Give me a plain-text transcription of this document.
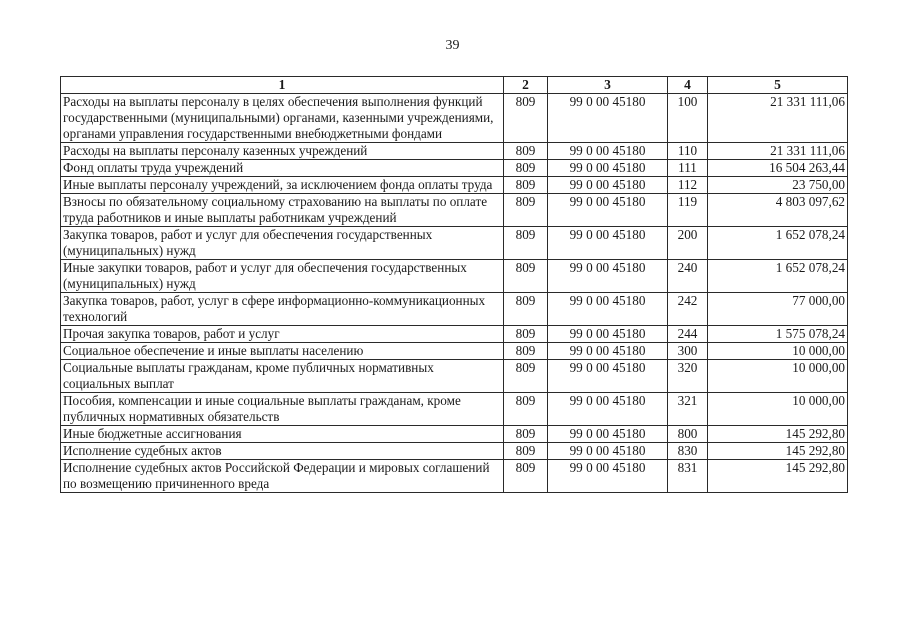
39
1	2	3	4	5
Расходы на выплаты персоналу в целях обеспечения выполнения функций государственными (муниципальными) органами, казенными учреждениями, органами управления государственными внебюджетными фондами	809	99 0 00 45180	100	21 331 111,06
Расходы на выплаты персоналу казенных учреждений	809	99 0 00 45180	110	21 331 111,06
Фонд оплаты труда учреждений	809	99 0 00 45180	111	16 504 263,44
Иные выплаты персоналу учреждений, за исключением фонда оплаты труда	809	99 0 00 45180	112	23 750,00
Взносы по обязательному социальному страхованию на выплаты по оплате труда работников и иные выплаты работникам учреждений	809	99 0 00 45180	119	4 803 097,62
Закупка товаров, работ и услуг для обеспечения государственных (муниципальных) нужд	809	99 0 00 45180	200	1 652 078,24
Иные закупки товаров, работ и услуг для обеспечения государственных (муниципальных) нужд	809	99 0 00 45180	240	1 652 078,24
Закупка товаров, работ, услуг в сфере информационно-коммуникационных технологий	809	99 0 00 45180	242	77 000,00
Прочая закупка товаров, работ и услуг	809	99 0 00 45180	244	1 575 078,24
Социальное обеспечение и иные выплаты населению	809	99 0 00 45180	300	10 000,00
Социальные выплаты гражданам, кроме публичных нормативных социальных выплат	809	99 0 00 45180	320	10 000,00
Пособия, компенсации и иные социальные выплаты гражданам, кроме публичных нормативных обязательств	809	99 0 00 45180	321	10 000,00
Иные бюджетные ассигнования	809	99 0 00 45180	800	145 292,80
Исполнение судебных актов	809	99 0 00 45180	830	145 292,80
Исполнение судебных актов Российской Федерации и мировых соглашений по возмещению причиненного вреда	809	99 0 00 45180	831	145 292,80
